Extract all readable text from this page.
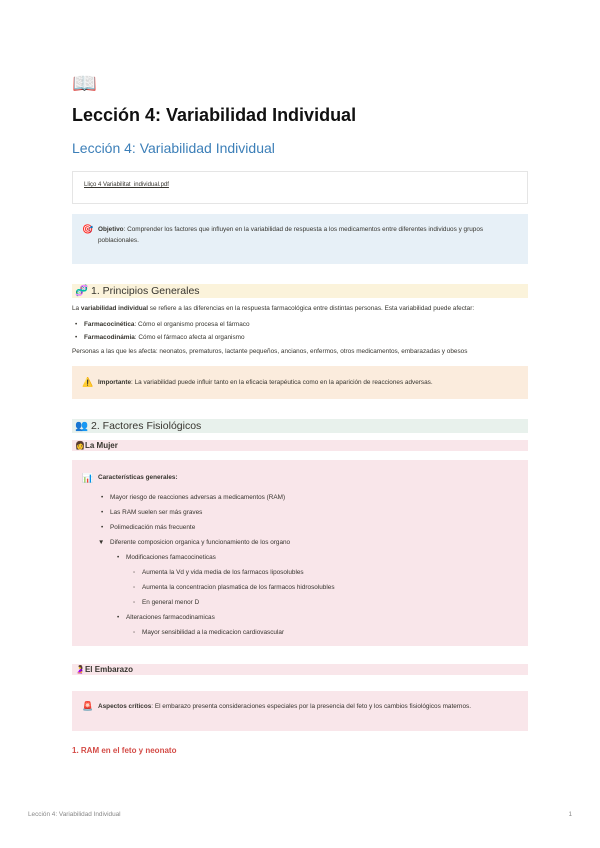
📖
Lección 4: Variabilidad Individual
Lección 4: Variabilidad Individual
Lliço 4 Variabilitat_individual.pdf
🎯 Objetivo: Comprender los factores que influyen en la variabilidad de respuesta a los medicamentos entre diferentes individuos y grupos poblacionales.
🧬 1. Principios Generales
La variabilidad individual se refiere a las diferencias en la respuesta farmacológica entre distintas personas. Esta variabilidad puede afectar:
• Farmacocinética: Cómo el organismo procesa el fármaco
• Farmacodinámia: Cómo el fármaco afecta al organismo
Personas a las que les afecta: neonatos, prematuros, lactante pequeños, ancianos, enfermos, otros medicamentos, embarazadas y obesos
⚠️ Importante: La variabilidad puede influir tanto en la eficacia terapéutica como en la aparición de reacciones adversas.
👥 2. Factores Fisiológicos
👩La Mujer
📊 Características generales:
• Mayor riesgo de reacciones adversas a medicamentos (RAM)
• Las RAM suelen ser más graves
• Polimedicación más frecuente
▼ Diferente composicion organica y funcionamiento de los organo
• Modificaciones famacocineticas
◦ Aumenta la Vd y vida media de los farmacos liposolubles
◦ Aumenta la concentracion plasmatica de los farmacos hidrosolubles
◦ En general menor D
• Alteraciones farmacodinamicas
◦ Mayor sensibilidad a la medicacion cardiovascular
🤰El Embarazo
🚨 Aspectos críticos: El embarazo presenta consideraciones especiales por la presencia del feto y los cambios fisiológicos maternos.
1. RAM en el feto y neonato
Lección 4: Variabilidad Individual	1
